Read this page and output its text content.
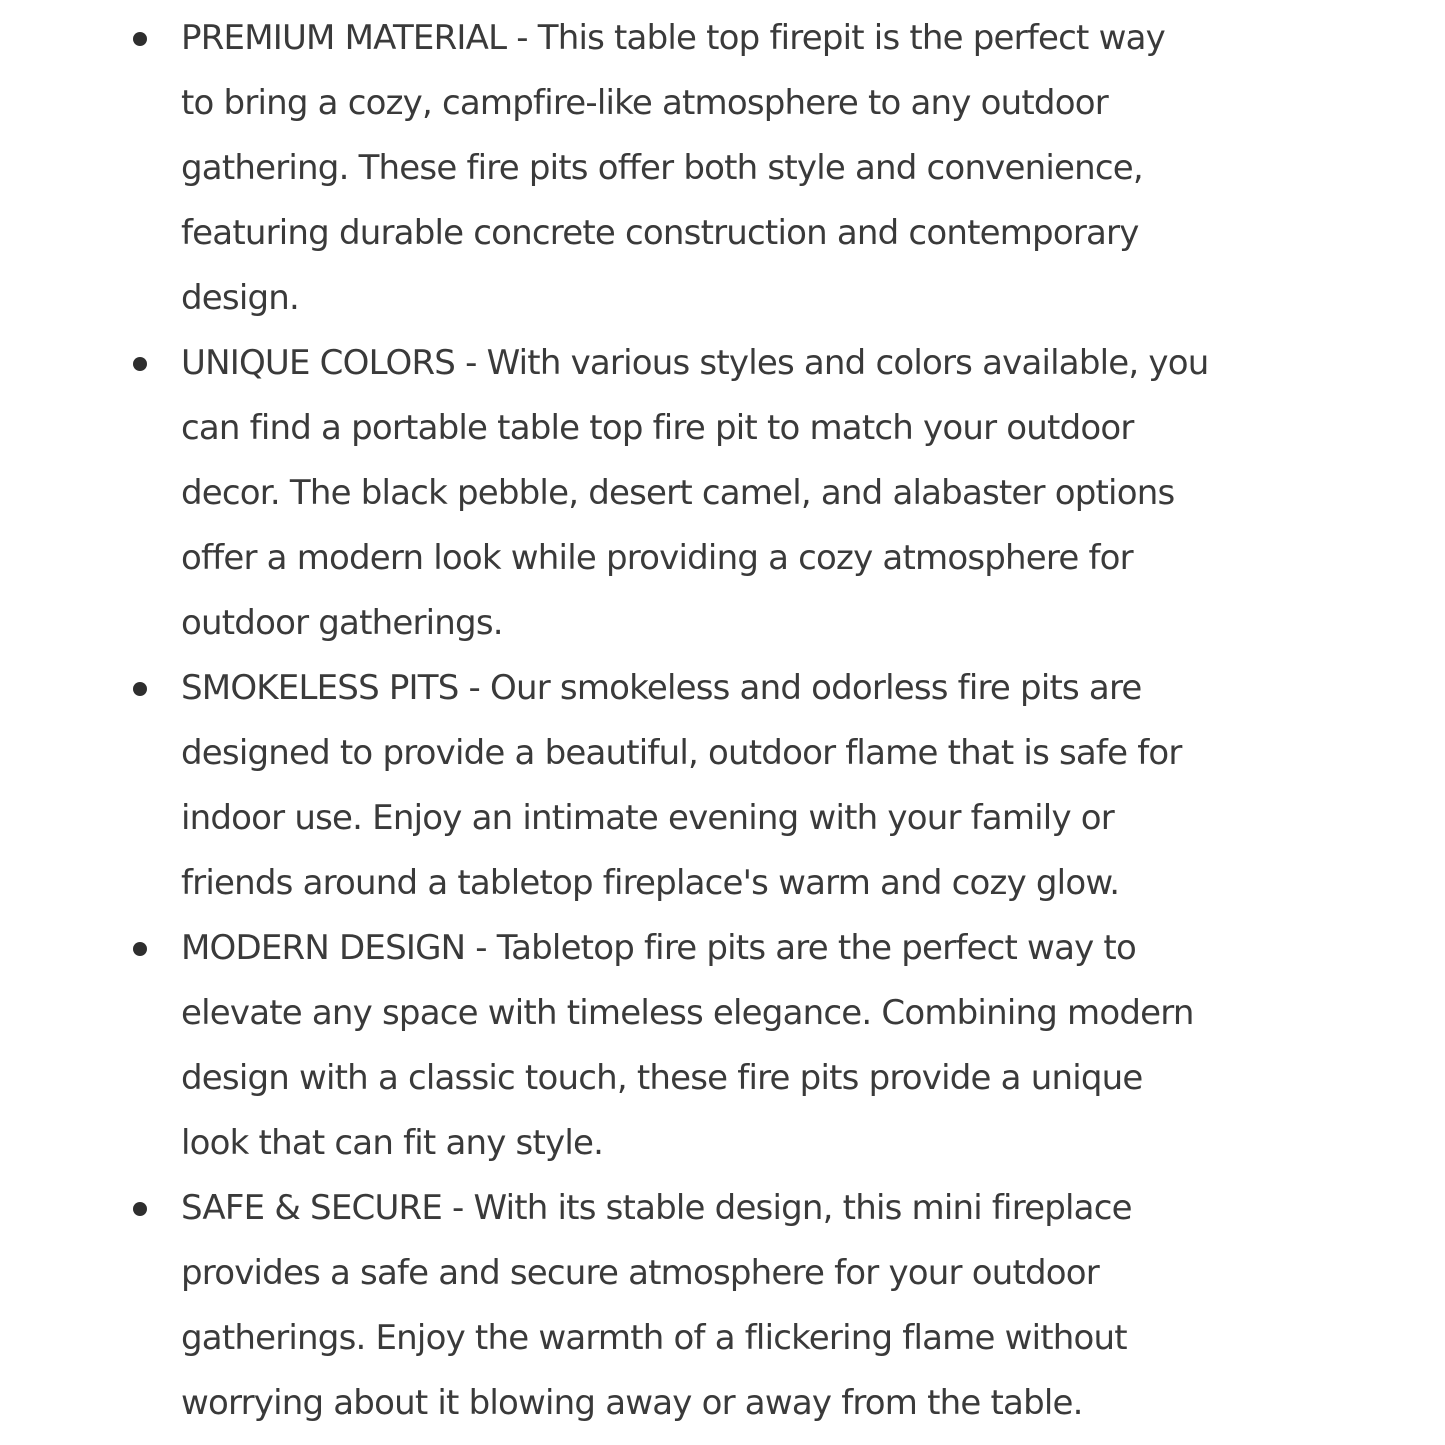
PREMIUM MATERIAL - This table top firepit is the perfect way
to bring a cozy, campfire-like atmosphere to any outdoor
gathering. These fire pits offer both style and convenience,
featuring durable concrete construction and contemporary
design.
UNIQUE COLORS - With various styles and colors available, you
can find a portable table top fire pit to match your outdoor
decor. The black pebble, desert camel, and alabaster options
offer a modern look while providing a cozy atmosphere for
outdoor gatherings.
SMOKELESS PITS - Our smokeless and odorless fire pits are
designed to provide a beautiful, outdoor flame that is safe for
indoor use. Enjoy an intimate evening with your family or
friends around a tabletop fireplace's warm and cozy glow.
MODERN DESIGN - Tabletop fire pits are the perfect way to
elevate any space with timeless elegance. Combining modern
design with a classic touch, these fire pits provide a unique
look that can fit any style.
SAFE & SECURE - With its stable design, this mini fireplace
provides a safe and secure atmosphere for your outdoor
gatherings. Enjoy the warmth of a flickering flame without
worrying about it blowing away or away from the table.
